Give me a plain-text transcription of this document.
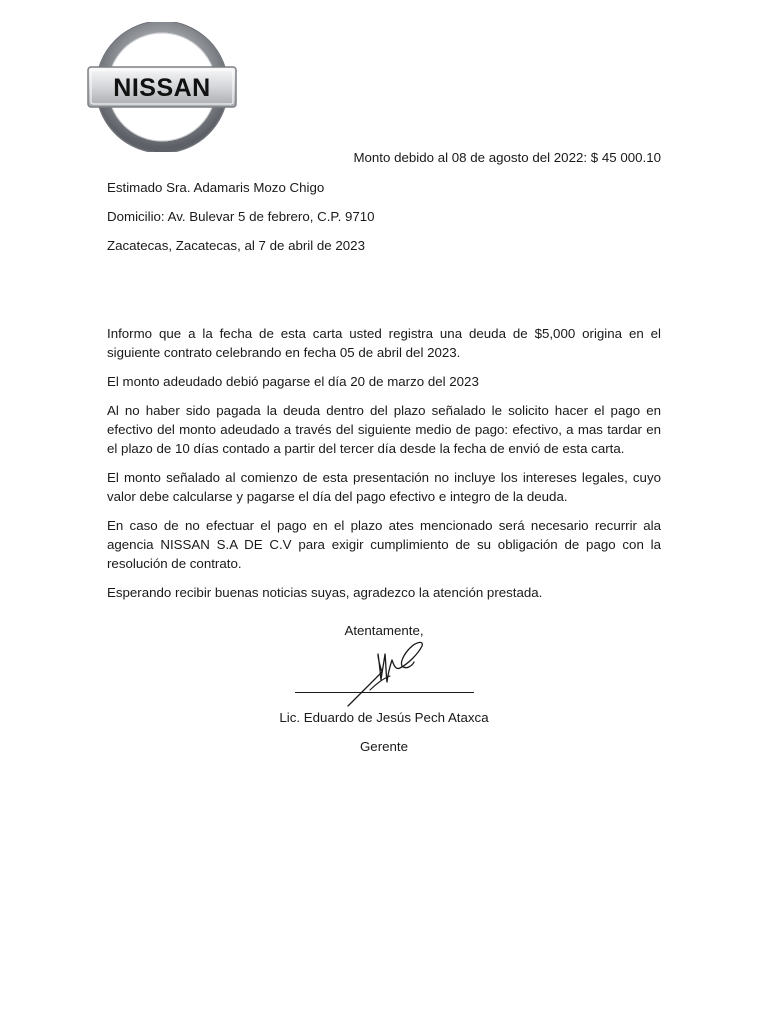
NISSAN
Monto debido al 08 de agosto del 2022: $ 45 000.10

Estimado Sra. Adamaris Mozo Chigo

Domicilio: Av. Bulevar 5 de febrero, C.P. 9710

Zacatecas, Zacatecas, al 7 de abril de 2023

Informo que a la fecha de esta carta usted registra una deuda de $5,000 origina en el siguiente contrato celebrando en fecha 05 de abril del 2023.

El monto adeudado debió pagarse el día 20 de marzo del 2023

Al no haber sido pagada la deuda dentro del plazo señalado le solicito hacer el pago en efectivo del monto adeudado a través del siguiente medio de pago: efectivo, a mas tardar en el plazo de 10 días contado a partir del tercer día desde la fecha de envió de esta carta.

El monto señalado al comienzo de esta presentación no incluye los intereses legales, cuyo valor debe calcularse y pagarse el día del pago efectivo e integro de la deuda.

En caso de no efectuar el pago en el plazo ates mencionado será necesario recurrir ala agencia NISSAN S.A DE C.V para exigir cumplimiento de su obligación de pago con la resolución de contrato.

Esperando recibir buenas noticias suyas, agradezco la atención prestada.

Atentamente,
Lic. Eduardo de Jesús Pech Ataxca
Gerente
